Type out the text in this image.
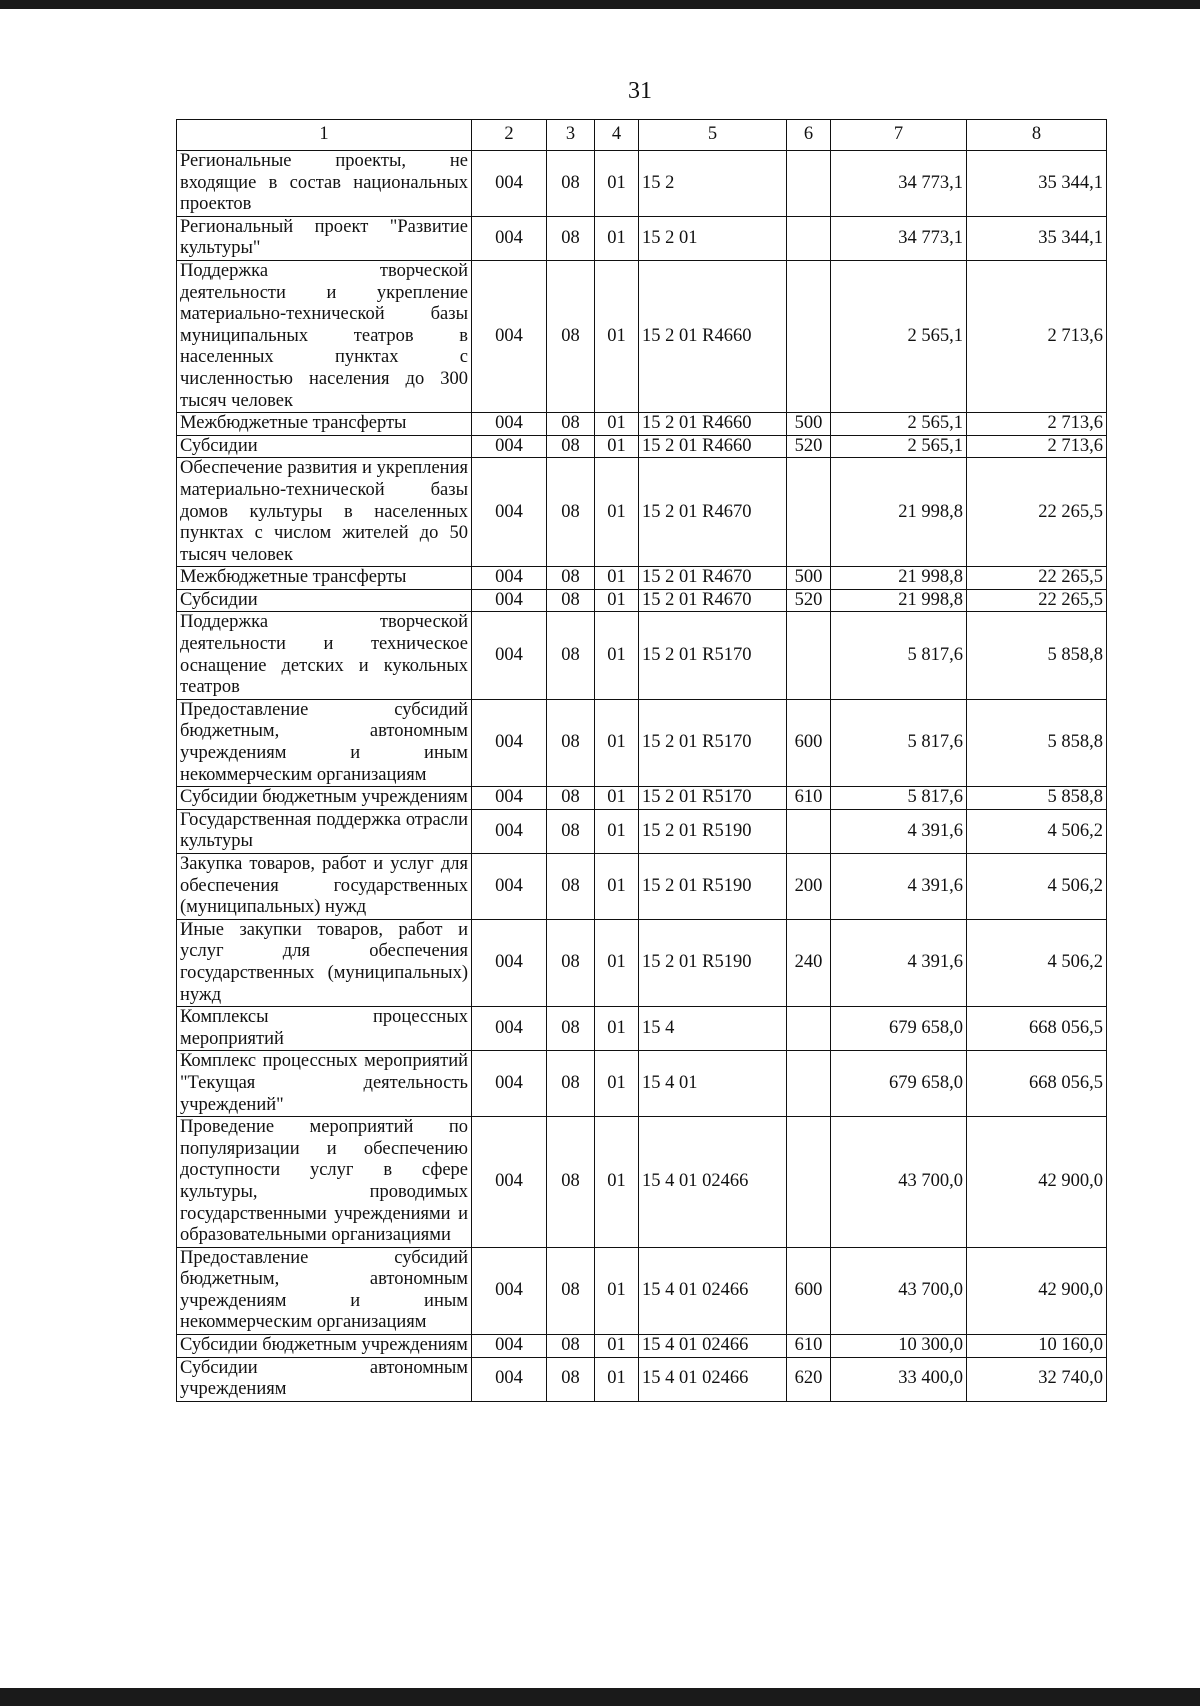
31
1	2	3	4	5	6	7	8
Региональные проекты, не входящие в состав национальных проектов	004	08	01	15 2		34 773,1	35 344,1
Региональный проект "Развитие культуры"	004	08	01	15 2 01		34 773,1	35 344,1
Поддержка творческой деятельности и укрепление материально-технической базы муниципальных театров в населенных пунктах с численностью населения до 300 тысяч человек	004	08	01	15 2 01 R4660		2 565,1	2 713,6
Межбюджетные трансферты	004	08	01	15 2 01 R4660	500	2 565,1	2 713,6
Субсидии	004	08	01	15 2 01 R4660	520	2 565,1	2 713,6
Обеспечение развития и укрепления материально-технической базы домов культуры в населенных пунктах с числом жителей до 50 тысяч человек	004	08	01	15 2 01 R4670		21 998,8	22 265,5
Межбюджетные трансферты	004	08	01	15 2 01 R4670	500	21 998,8	22 265,5
Субсидии	004	08	01	15 2 01 R4670	520	21 998,8	22 265,5
Поддержка творческой деятельности и техническое оснащение детских и кукольных театров	004	08	01	15 2 01 R5170		5 817,6	5 858,8
Предоставление субсидий бюджетным, автономным учреждениям и иным некоммерческим организациям	004	08	01	15 2 01 R5170	600	5 817,6	5 858,8
Субсидии бюджетным учреждениям	004	08	01	15 2 01 R5170	610	5 817,6	5 858,8
Государственная поддержка отрасли культуры	004	08	01	15 2 01 R5190		4 391,6	4 506,2
Закупка товаров, работ и услуг для обеспечения государственных (муниципальных) нужд	004	08	01	15 2 01 R5190	200	4 391,6	4 506,2
Иные закупки товаров, работ и услуг для обеспечения государственных (муниципальных) нужд	004	08	01	15 2 01 R5190	240	4 391,6	4 506,2
Комплексы процессных мероприятий	004	08	01	15 4		679 658,0	668 056,5
Комплекс процессных мероприятий "Текущая деятельность учреждений"	004	08	01	15 4 01		679 658,0	668 056,5
Проведение мероприятий по популяризации и обеспечению доступности услуг в сфере культуры, проводимых государственными учреждениями и образовательными организациями	004	08	01	15 4 01 02466		43 700,0	42 900,0
Предоставление субсидий бюджетным, автономным учреждениям и иным некоммерческим организациям	004	08	01	15 4 01 02466	600	43 700,0	42 900,0
Субсидии бюджетным учреждениям	004	08	01	15 4 01 02466	610	10 300,0	10 160,0
Субсидии автономным учреждениям	004	08	01	15 4 01 02466	620	33 400,0	32 740,0
